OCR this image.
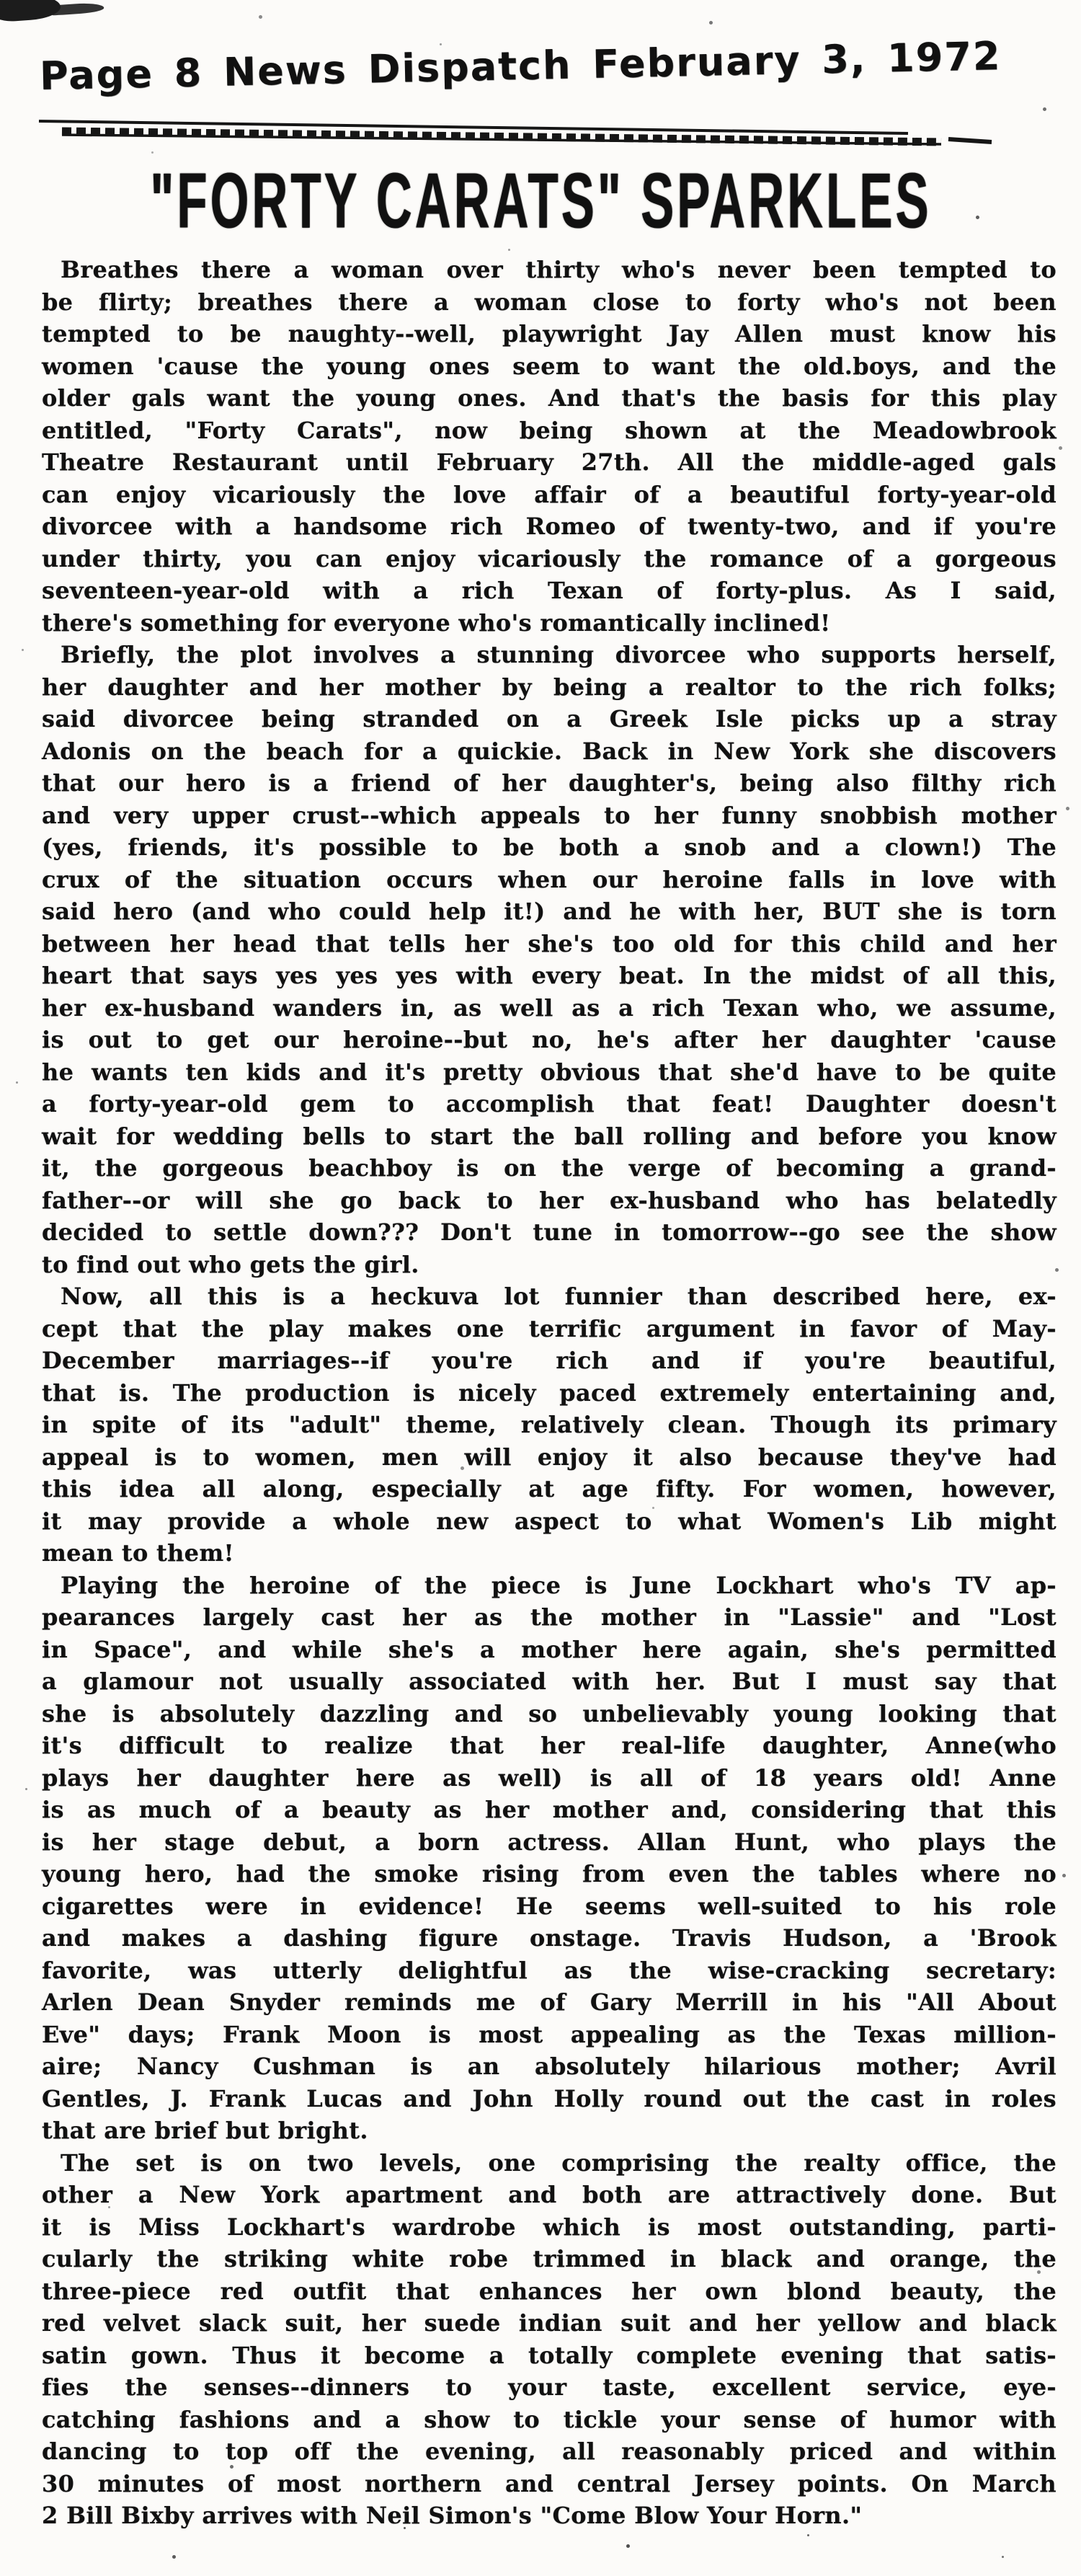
Page 8 News Dispatch February 3, 1972
"FORTY CARATS" SPARKLES
Breathes there a woman over thirty who's never been tempted to
be flirty; breathes there a woman close to forty who's not been
tempted to be naughty--well, playwright Jay Allen must know his
women 'cause the young ones seem to want the old.boys, and the
older gals want the young ones. And that's the basis for this play
entitled, "Forty Carats", now being shown at the Meadowbrook
Theatre Restaurant until February 27th. All the middle-aged gals
can enjoy vicariously the love affair of a beautiful forty-year-old
divorcee with a handsome rich Romeo of twenty-two, and if you're
under thirty, you can enjoy vicariously the romance of a gorgeous
seventeen-year-old with a rich Texan of forty-plus. As I said,
there's something for everyone who's romantically inclined!
Briefly, the plot involves a stunning divorcee who supports herself,
her daughter and her mother by being a realtor to the rich folks;
said divorcee being stranded on a Greek Isle picks up a stray
Adonis on the beach for a quickie. Back in New York she discovers
that our hero is a friend of her daughter's, being also filthy rich
and very upper crust--which appeals to her funny snobbish mother
(yes, friends, it's possible to be both a snob and a clown!) The
crux of the situation occurs when our heroine falls in love with
said hero (and who could help it!) and he with her, BUT she is torn
between her head that tells her she's too old for this child and her
heart that says yes yes yes with every beat. In the midst of all this,
her ex-husband wanders in, as well as a rich Texan who, we assume,
is out to get our heroine--but no, he's after her daughter 'cause
he wants ten kids and it's pretty obvious that she'd have to be quite
a forty-year-old gem to accomplish that feat! Daughter doesn't
wait for wedding bells to start the ball rolling and before you know
it, the gorgeous beachboy is on the verge of becoming a grand-
father--or will she go back to her ex-husband who has belatedly
decided to settle down??? Don't tune in tomorrow--go see the show
to find out who gets the girl.
Now, all this is a heckuva lot funnier than described here, ex-
cept that the play makes one terrific argument in favor of May-
December marriages--if you're rich and if you're beautiful,
that is. The production is nicely paced extremely entertaining and,
in spite of its "adult" theme, relatively clean. Though its primary
appeal is to women, men will enjoy it also because they've had
this idea all along, especially at age fifty. For women, however,
it may provide a whole new aspect to what Women's Lib might
mean to them!
Playing the heroine of the piece is June Lockhart who's TV ap-
pearances largely cast her as the mother in "Lassie" and "Lost
in Space", and while she's a mother here again, she's permitted
a glamour not usually associated with her. But I must say that
she is absolutely dazzling and so unbelievably young looking that
it's difficult to realize that her real-life daughter, Anne(who
plays her daughter here as well) is all of 18 years old! Anne
is as much of a beauty as her mother and, considering that this
is her stage debut, a born actress. Allan Hunt, who plays the
young hero, had the smoke rising from even the tables where no
cigarettes were in evidence! He seems well-suited to his role
and makes a dashing figure onstage. Travis Hudson, a 'Brook
favorite, was utterly delightful as the wise-cracking secretary:
Arlen Dean Snyder reminds me of Gary Merrill in his "All About
Eve" days; Frank Moon is most appealing as the Texas million-
aire; Nancy Cushman is an absolutely hilarious mother; Avril
Gentles, J. Frank Lucas and John Holly round out the cast in roles
that are brief but bright.
The set is on two levels, one comprising the realty office, the
other a New York apartment and both are attractively done. But
it is Miss Lockhart's wardrobe which is most outstanding, parti-
cularly the striking white robe trimmed in black and orange, the
three-piece red outfit that enhances her own blond beauty, the
red velvet slack suit, her suede indian suit and her yellow and black
satin gown. Thus it become a totally complete evening that satis-
fies the senses--dinners to your taste, excellent service, eye-
catching fashions and a show to tickle your sense of humor with
dancing to top off the evening, all reasonably priced and within
30 minutes of most northern and central Jersey points. On March
2 Bill Bixby arrives with Neil Simon's "Come Blow Your Horn."
